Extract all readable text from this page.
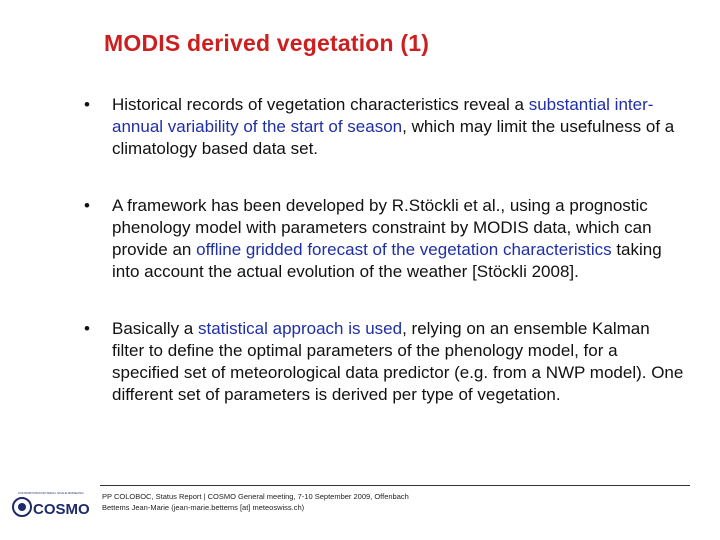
MODIS derived vegetation (1)
•	Historical records of vegetation characteristics reveal a substantial inter-annual variability of the start of season, which may limit the usefulness of a climatology based data set.
•	A framework has been developed by R.Stöckli et al., using a prognostic phenology model with parameters constraint by MODIS data, which can provide an offline gridded forecast of the vegetation characteristics taking into account the actual evolution of the weather [Stöckli 2008].
•	Basically a statistical approach is used, relying on an ensemble Kalman filter to define the optimal parameters of the phenology model, for a specified set of meteorological data predictor (e.g. from a NWP model). One different set of parameters is derived per type of vegetation.
CONSORTIUM FOR SMALL SCALE MODELING
COSMO
PP COLOBOC, Status Report | COSMO General meeting, 7-10 September 2009, Offenbach
Bettems Jean-Marie (jean-marie.bettems [at] meteoswiss.ch)
